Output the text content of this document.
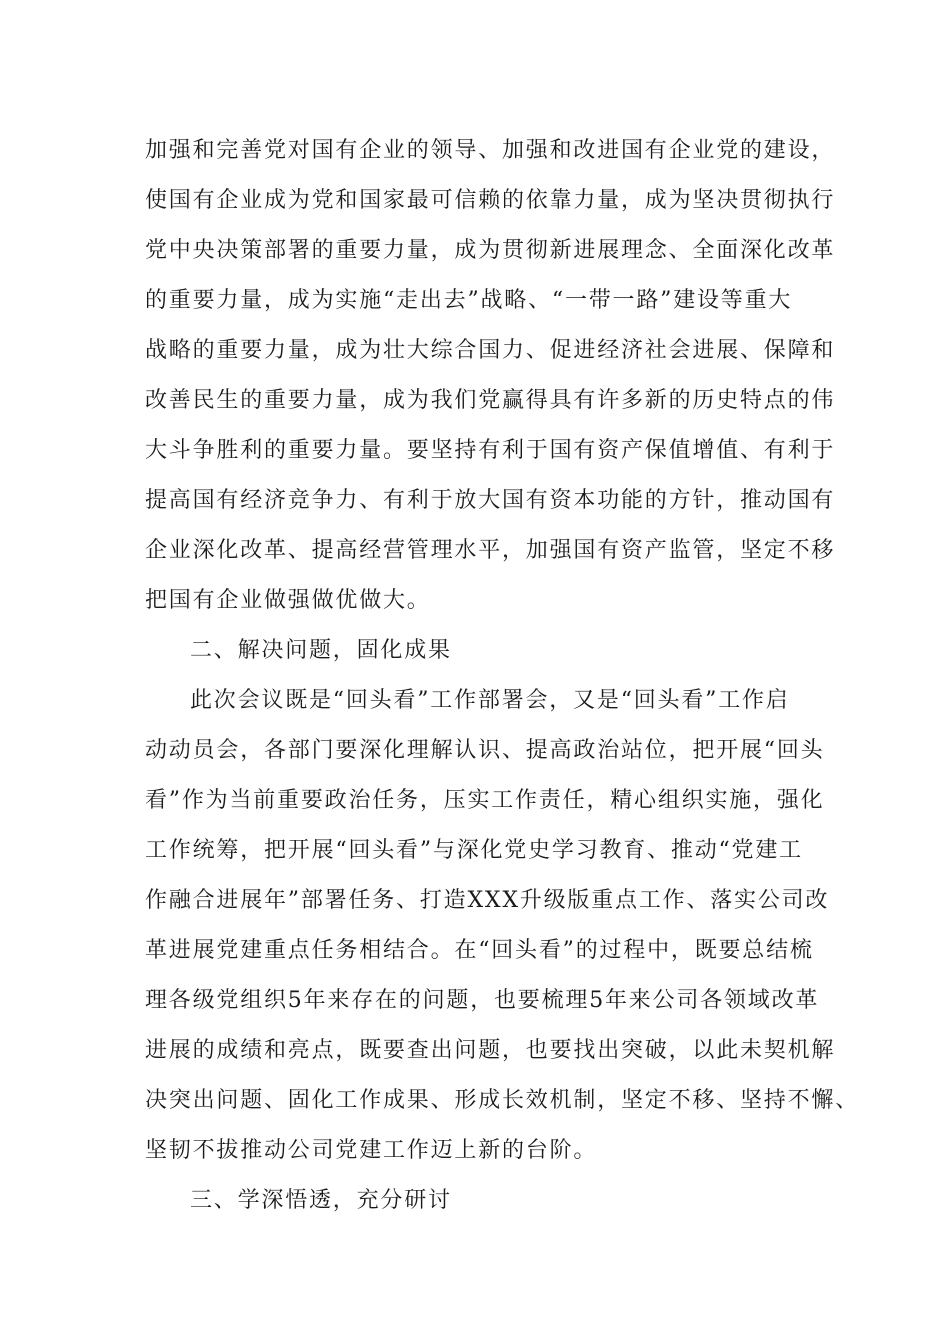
加强和完善党对国有企业的领导、加强和改进国有企业党的建设，
使国有企业成为党和国家最可信赖的依靠力量，成为坚决贯彻执行
党中央决策部署的重要力量，成为贯彻新进展理念、全面深化改革
的重要力量，成为实施“走出去”战略、“一带一路”建设等重大
战略的重要力量，成为壮大综合国力、促进经济社会进展、保障和
改善民生的重要力量，成为我们党赢得具有许多新的历史特点的伟
大斗争胜利的重要力量。要坚持有利于国有资产保值增值、有利于
提高国有经济竞争力、有利于放大国有资本功能的方针，推动国有
企业深化改革、提高经营管理水平，加强国有资产监管，坚定不移
把国有企业做强做优做大。
二、解决问题，固化成果
此次会议既是“回头看”工作部署会，又是“回头看”工作启
动动员会，各部门要深化理解认识、提高政治站位，把开展“回头
看”作为当前重要政治任务，压实工作责任，精心组织实施，强化
工作统筹，把开展“回头看”与深化党史学习教育、推动“党建工
作融合进展年”部署任务、打造XXX升级版重点工作、落实公司改
革进展党建重点任务相结合。在“回头看”的过程中，既要总结梳
理各级党组织5年来存在的问题，也要梳理5年来公司各领域改革
进展的成绩和亮点，既要查出问题，也要找出突破，以此未契机解
决突出问题、固化工作成果、形成长效机制，坚定不移、坚持不懈、
坚韧不拔推动公司党建工作迈上新的台阶。
三、学深悟透，充分研讨
